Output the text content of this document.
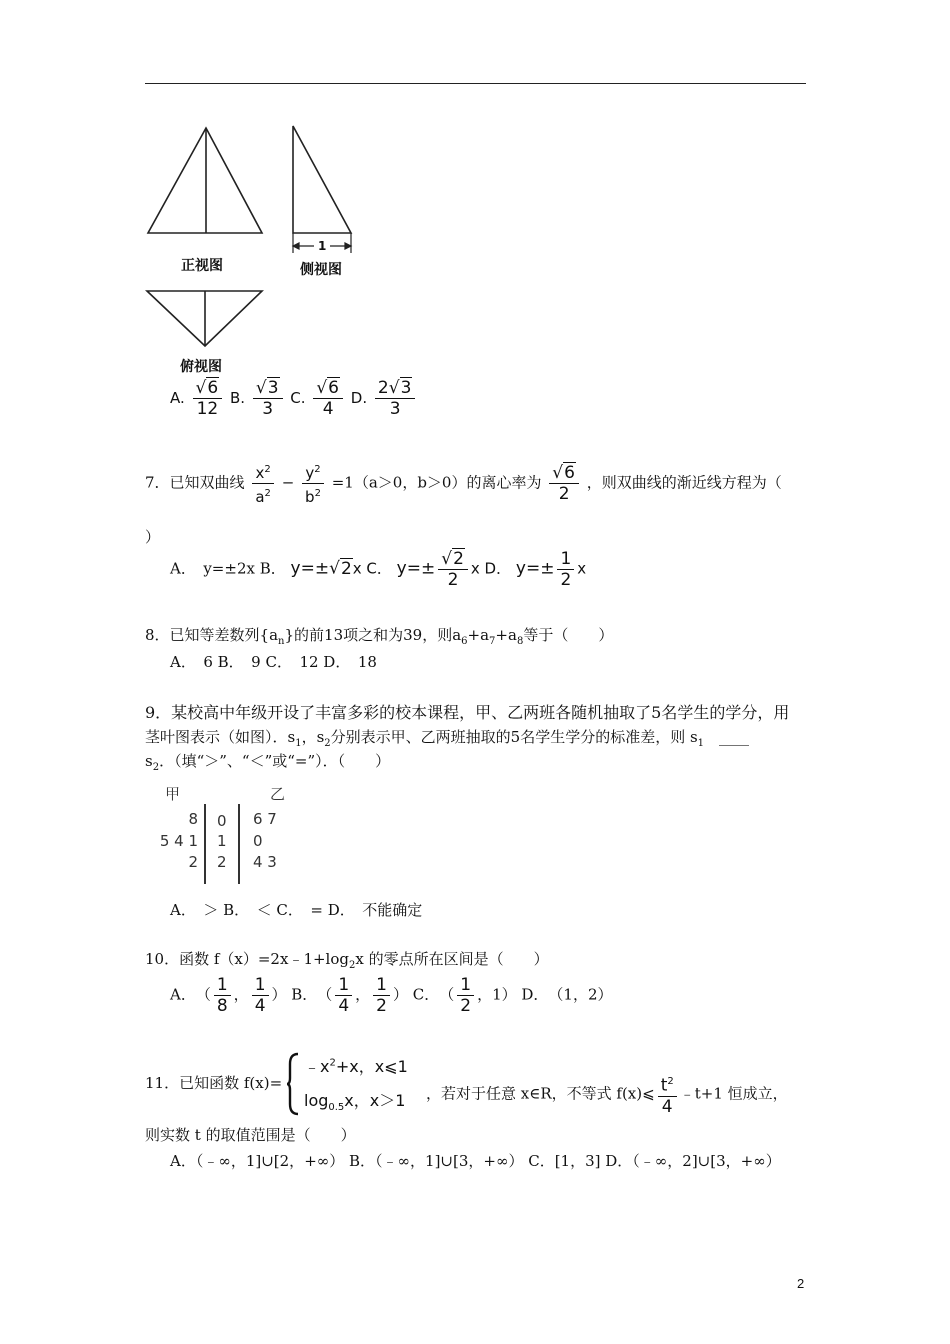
正视图
1
侧视图
俯视图
A. $\frac{√6}{12} B$. $\frac{√3}{3} C$. $\frac{√6}{4} D$. $\frac{2√3}{3}$
7．已知双曲线 $\frac{x^2}{a^2} - \frac{y^2}{b^2} =1(a>0$，b＞0）的离心率为 $\frac{√6}{2}$ ，则双曲线的渐近线方程为（
）
A．　y=±2x B． y=±√2x C． $y=\pm \frac{√2}{2}$ x D． $y=\pm \frac{1}{2}$ x
8．已知等差数列$\{a_n\}$的前13项之和为39，则$a_6+a_7+a_8$等于（　　）
A．　6 B．　9 C．　12 D．　18
9．某校高中年级开设了丰富多彩的校本课程，甲、乙两班各随机抽取了5名学生的学分，用
茎叶图表示（如图）．$s_1$，$s_2$分别表示甲、乙两班抽取的5名学生学分的标准差，则 $s_1$　____
$s_2$．（填“＞”、“＜”或“=”）．（　　）
甲	乙
8 0 6 7
5 4 1 1 0
2 2 4 3
A．　＞ B．　＜ C．　= D．　不能确定
10．函数 $f(x)=2x﹣1+\log_2x$ 的零点所在区间是（　　）
A．　（ $\frac{1}{8}$ ， $\frac{1}{4}$ ） B．　（ $\frac{1}{4}$ ， $\frac{1}{2}$ ） C．　（ $\frac{1}{2}$ ，1） D．　（1，2）
11．已知函数 f(x)=
$﹣x^2+x$，x⩽1
$\log_{0.5}x$，x＞1 ，若对于任意 x∈R，不等式 f(x)⩽ $\frac{t^2}{4}$ ﹣t+1 恒成立，
则实数 t 的取值范围是（　　）
A．（﹣∞，1]∪[2，+∞） B．（﹣∞，1]∪[3，+∞） C．[1，3] D．（﹣∞，2]∪[3，+∞）
2
